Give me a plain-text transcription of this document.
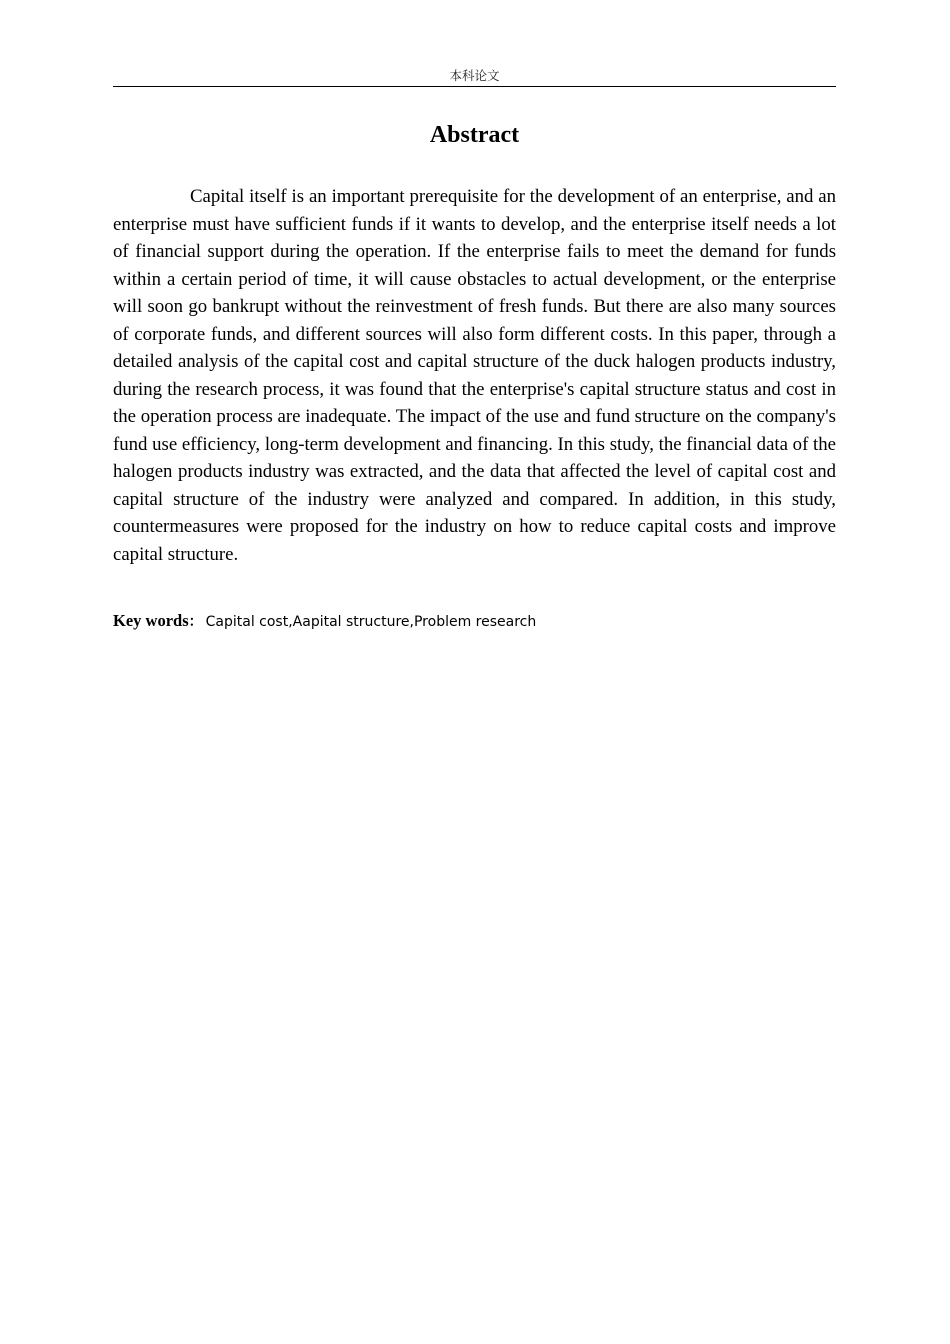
本科论文
Abstract

Capital itself is an important prerequisite for the development of an enterprise, and an enterprise must have sufficient funds if it wants to develop, and the enterprise itself needs a lot of financial support during the operation. If the enterprise fails to meet the demand for funds within a certain period of time, it will cause obstacles to actual development, or the enterprise will soon go bankrupt without the reinvestment of fresh funds. But there are also many sources of corporate funds, and different sources will also form different costs. In this paper, through a detailed analysis of the capital cost and capital structure of the duck halogen products industry, during the research process, it was found that the enterprise's capital structure status and cost in the operation process are inadequate. The impact of the use and fund structure on the company's fund use efficiency, long-term development and financing. In this study, the financial data of the halogen products industry was extracted, and the data that affected the level of capital cost and capital structure of the industry were analyzed and compared. In addition, in this study, countermeasures were proposed for the industry on how to reduce capital costs and improve capital structure.

Key words： Capital cost,Aapital structure,Problem research
